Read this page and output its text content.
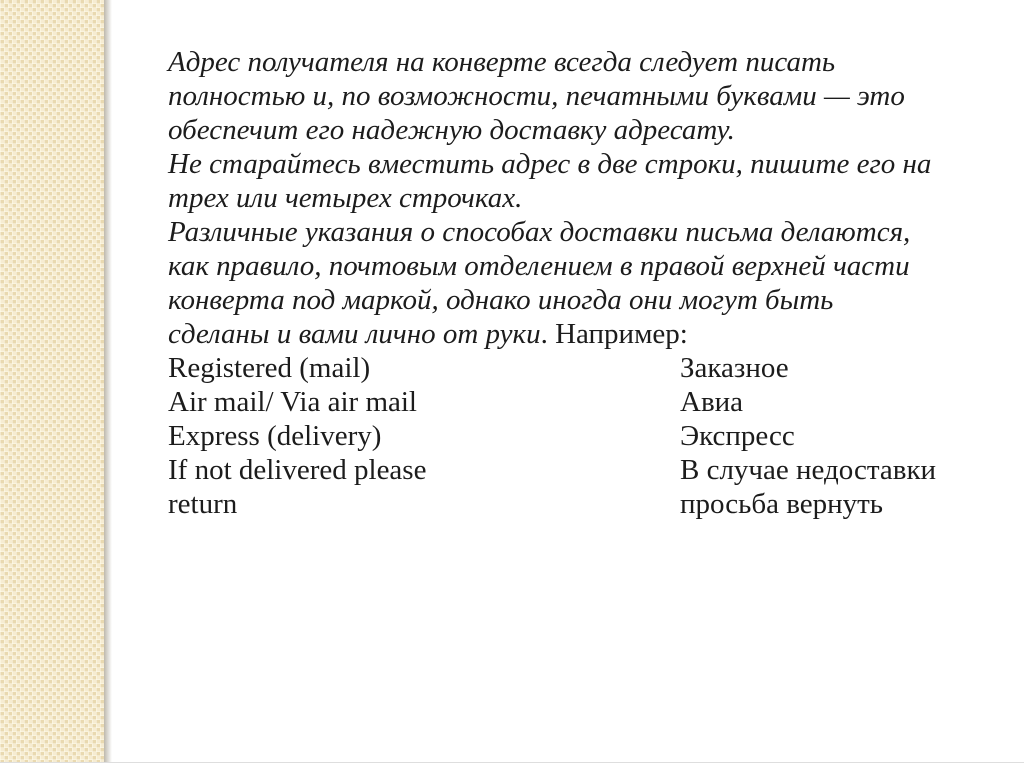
Адрес получателя на конверте всегда следует писать
полностью и, по возможности, печатными буквами — это
обеспечит его надежную доставку адресату.
Не старайтесь вместить адрес в две строки, пишите его на
трех или четырех строчках.
Различные указания о способах доставки письма делаются,
как правило, почтовым отделением в правой верхней части
конверта под маркой, однако иногда они могут быть
сделаны и вами лично от руки. Например:
Registered (mail)	Заказное
Air mail/ Via air mail	Авиа
Express (delivery)	Экспресс
If not delivered please	В случае недоставки
return	просьба вернуть
